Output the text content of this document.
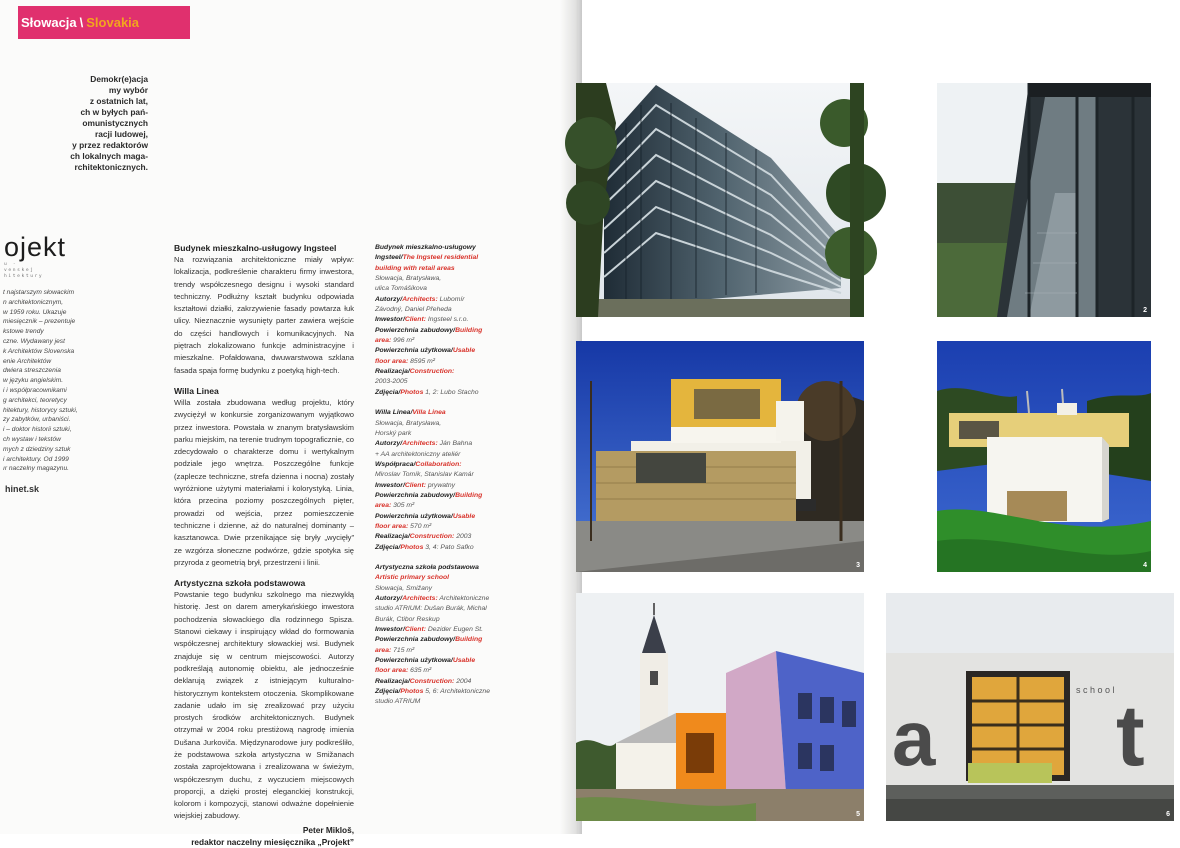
Słowacja \ Slovakia
Demokr(e)acja
my wybór
z ostatnich lat,
ch w byłych pań-
omunistycznych
racji ludowej,
y przez redaktorów
ch lokalnych maga-
rchitektonicznych.
ojekt
u ·
venskej
hitektury
t najstarszym słowackim
n architektonicznym,
w 1959 roku. Ukazuje
miesięcznik – prezentuje
kstowe trendy
czne. Wydawany jest
k Architektów Slovenska
enie Architektów
dwiera streszczenia
w języku angielskim.
i i współpracownikami
g architekci, teoretycy
hitektury, historycy sztuki,
zy zabytków, urbaniści.
i – doktor historii sztuki,
ch wystaw i tekstów
mych z dziedziny sztuk
i architektury. Od 1999
ır naczelny magazynu.
hinet.sk
Budynek mieszkalno-usługowy Ingsteel

Na rozwiązania architektoniczne miały wpływ: lokalizacja, podkreślenie charakteru firmy inwestora, trendy współczesnego designu i wysoki standard techniczny. Podłużny kształt budynku odpowiada kształtowi działki, zakrzywienie fasady powtarza łuk ulicy. Nieznacznie wysunięty parter zawiera wejście do części handlowych i komunikacyjnych. Na piętrach zlokalizowano funkcje administracyjne i mieszkalne. Pofałdowana, dwuwarstwowa szklana fasada spaja formę budynku z poetyką high-tech.

Willa Linea

Willa została zbudowana według projektu, który zwyciężył w konkursie zorganizowanym wyjątkowo przez inwestora. Powstała w znanym bratysławskim parku miejskim, na terenie trudnym topograficznie, co zdecydowało o charakterze domu i wertykalnym podziale jego wnętrza. Poszczególne funkcje (zaplecze techniczne, strefa dzienna i nocna) zostały wyróżnione użytymi materiałami i kolorystyką. Linia, która przecina poziomy poszczególnych pięter, prowadzi od wejścia, przez pomieszczenie techniczne i dzienne, aż do naturalnej dominanty – kasztanowca. Dwie przenikające się bryły „wycięły” ze wzgórza słoneczne podwórze, gdzie spotyka się przyroda z geometrią brył, przestrzeni i linii.

Artystyczna szkoła podstawowa

Powstanie tego budynku szkolnego ma niezwykłą historię. Jest on darem amerykańskiego inwestora pochodzenia słowackiego dla rodzinnego Spisza. Stanowi ciekawy i inspirujący wkład do formowania współczesnej architektury słowackiej wsi. Budynek znajduje się w centrum miejscowości. Autorzy podkreślają autonomię obiektu, ale jednocześnie deklarują związek z istniejącym kulturalno-historycznym kontekstem otoczenia. Skomplikowane zadanie udało im się zrealizować przy użyciu prostych środków architektonicznych. Budynek otrzymał w 2004 roku prestiżową nagrodę imienia Dušana Jurkoviča. Międzynarodowe jury podkreśliło, że podstawowa szkoła artystyczna w Smižanach została zaprojektowana i zrealizowana w świeżym, współczesnym duchu, z wyczuciem miejscowych proporcji, a dzięki prostej eleganckiej konstrukcji, kolorom i kompozycji, stanowi odważne dopełnienie wiejskiej zabudowy.

Peter Mikloš,
redaktor naczelny miesięcznika „Projekt”
Budynek mieszkalno-usługowy
Ingsteel/The Ingsteel residential
building with retail areas
Słowacja, Bratysława,
ulica Tomášikova
Autorzy/Architects: Lubomír
Závodný, Daniel Přeheda
Inwestor/Client: Ingsteel s.r.o.
Powierzchnia zabudowy/Building
area: 996 m²
Powierzchnia użytkowa/Usable
floor area: 8595 m²
Realizacja/Construction:
2003-2005
Zdjęcia/Photos 1, 2: Lubo Stacho
Willa Linea/Villa Linea
Słowacja, Bratysława,
Horský park
Autorzy/Architects: Ján Bahna
+ AA architektoniczny ateliér
Współpraca/Collaboration:
Miroslav Tomík, Stanislav Kamár
Inwestor/Client: prywatny
Powierzchnia zabudowy/Building
area: 305 m²
Powierzchnia użytkowa/Usable
floor area: 570 m²
Realizacja/Construction: 2003
Zdjęcia/Photos 3, 4: Pato Safko
Artystyczna szkoła podstawowa
Artistic primary school
Słowacja, Smižany
Autorzy/Architects: Architektoniczne
studio ATRIUM: Dušan Burák, Michal
Burák, Ctibor Reskup
Inwestor/Client: Dezider Eugen St.
Powierzchnia zabudowy/Building
area: 715 m²
Powierzchnia użytkowa/Usable
floor area: 635 m²
Realizacja/Construction: 2004
Zdjęcia/Photos 5, 6: Architektoniczne
studio ATRIUM
2
3	4
5
a
s c h o o l t
6
